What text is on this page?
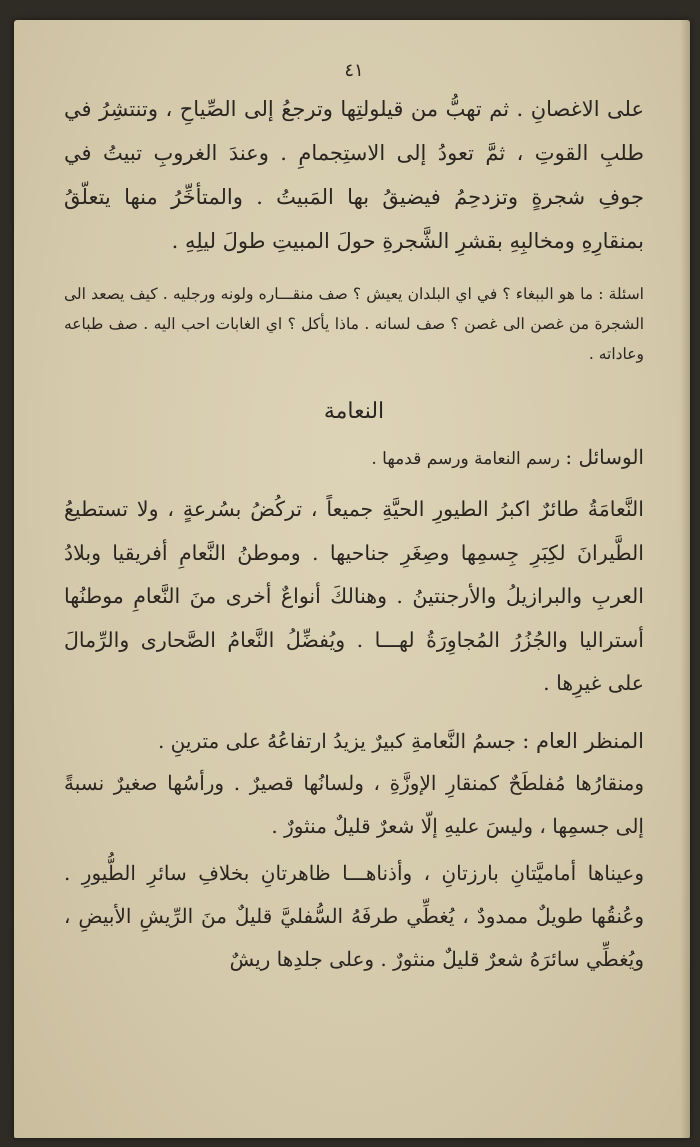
٤١

على الاغصانِ . ثم تهبُّ من قيلولتِها وترجعُ إلى الصِّياحِ ، وتنتشِرُ في طلبِ القوتِ ، ثمَّ تعودُ إلى الاستِجمامِ . وعندَ الغروبِ تبيتُ في جوفِ شجرةٍ وتزدحِمُ فيضيقُ بها المَبيتُ . والمتأخِّرُ منها يتعلّقُ بمنقارِهِ ومخالبِهِ بقشرِ الشَّجرةِ حولَ المبيتِ طولَ ليلِهِ .

اسئلة : ما هو الببغاء ؟ في اي البلدان يعيش ؟ صف منقـــاره ولونه ورجليه . كيف يصعد الى الشجرة من غصن الى غصن ؟ صف لسانه . ماذا يأكل ؟ اي الغابات احب اليه . صف طباعه وعاداته .

النعامة

الوسائل : رسم النعامة ورسم قدمها .

النَّعامَةُ طائرٌ اكبرُ الطيورِ الحيَّةِ جميعاً ، تركُضُ بسُرعةٍ ، ولا تستطيعُ الطَّيرانَ لكِبَرِ جِسمِها وصِغَرِ جناحيها . وموطنُ النَّعامِ أفريقيا وبلادُ العربِ والبرازيلُ والأرجنتينُ . وهنالكَ أنواعٌ أخرى منَ النَّعامِ موطنُها أستراليا والجُزُرُ المُجاوِرَةُ لهـــا . ويُفضِّلُ النَّعامُ الصَّحارى والرِّمالَ على غيرِها .

المنظر العام : جسمُ النَّعامةِ كبيرٌ يزيدُ ارتفاعُهُ على مترينِ .

ومنقارُها مُفلطَحٌ كمنقارِ الإوزَّةِ ، ولسانُها قصيرٌ . ورأسُها صغيرٌ نسبةً إلى جسمِها ، وليسَ عليهِ إلّا شعرٌ قليلٌ منثورٌ .

وعيناها أماميَّتانِ بارزتانِ ، وأذناهـــا ظاهرتانِ بخلافِ سائرِ الطُّيورِ . وعُنقُها طويلٌ ممدودٌ ، يُغطِّي طرفَهُ السُّفليَّ قليلٌ منَ الرِّيشِ الأبيضِ ، ويُغطِّي سائرَهُ شعرٌ قليلٌ منثورٌ . وعلى جلدِها ريشٌ
